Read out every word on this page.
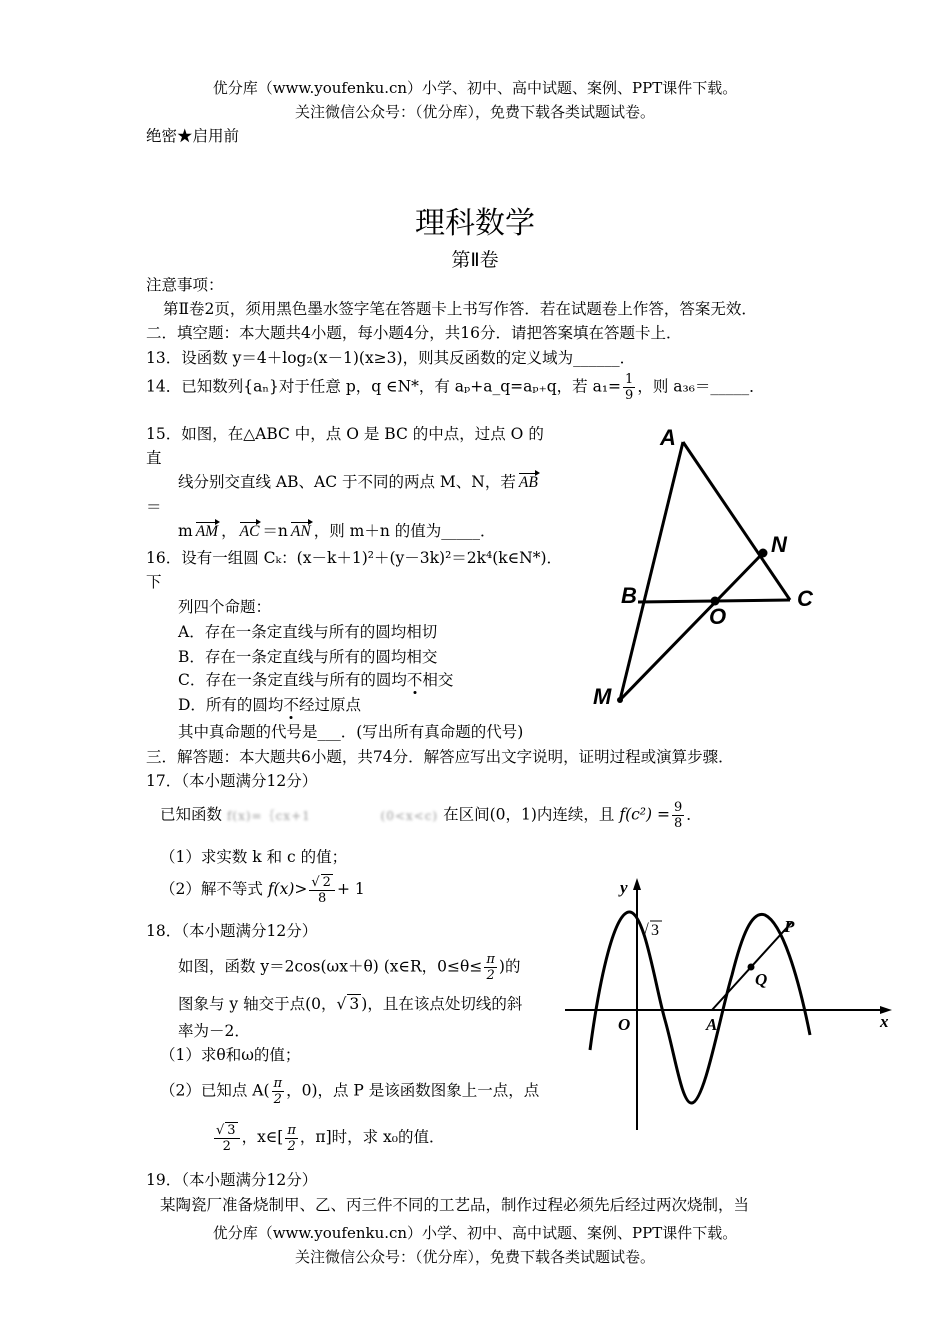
优分库（www.youfenku.cn）小学、初中、高中试题、案例、PPT课件下载。
关注微信公众号：（优分库），免费下载各类试题试卷。
绝密★启用前
理科数学
第Ⅱ卷
注意事项：
第Ⅱ卷2页，须用黑色墨水签字笔在答题卡上书写作答．若在试题卷上作答，答案无效．
二．填空题：本大题共4小题，每小题4分，共16分．请把答案填在答题卡上．
13．设函数 y＝4＋log₂(x－1)(x≥3)，则其反函数的定义域为______．
14．已知数列{aₙ}对于任意 p，q ∈N*，有 aₚ+a_q=aₚ₊q，若 $a_1= \frac{1}{9}$ ，则 a₃₆＝_____．
15．如图，在△ABC 中，点 O 是 BC 的中点，过点 O 的
直
线分别交直线 AB、AC 于不同的两点 M、N，若 AB
＝
m AM ， AC ＝n AN ，则 m＋n 的值为_____．
16．设有一组圆 Cₖ：(x－k＋1)²＋(y－3k)²＝2k⁴(k∈N*)．
下
列四个命题：
A．存在一条定直线与所有的圆均相切
B．存在一条定直线与所有的圆均相交
C．存在一条定直线与所有的圆均不相交
D．所有的圆均不经过原点
其中真命题的代号是___．(写出所有真命题的代号)
A
B	C
O
M
N
三．解答题：本大题共6小题，共74分．解答应写出文字说明，证明过程或演算步骤．
17．（本小题满分12分）
已知函数 f(x)=｛cx+1	(0<x<c) 在区间(0，1)内连续，且 $f(c^2) = \frac{9}{8}$ ．
（1）求实数 k 和 c 的值；
（2）解不等式 $f(x)> \frac{√ 2}{8} + 1$
18．（本小题满分12分）
如图，函数 y＝2cos(ωx＋θ) (x∈R，$0\le\theta\le \frac{\pi}{2}$ )的
图象与 y 轴交于点(0，√ 3 )，且在该点处切线的斜
率为－2．
（1）求θ和ω的值；
（2）已知点 $A( \frac{\pi}{2}$ ，0)，点 P 是该函数图象上一点，点
$\frac{√ 3}{2}$ ，x∈[ $\frac{\pi}{2}$ ，π]时，求 x₀的值．
y
x
O	A
P
Q
√ 3
19．（本小题满分12分）
某陶瓷厂准备烧制甲、乙、丙三件不同的工艺品，制作过程必须先后经过两次烧制，当
优分库（www.youfenku.cn）小学、初中、高中试题、案例、PPT课件下载。
关注微信公众号：（优分库），免费下载各类试题试卷。
